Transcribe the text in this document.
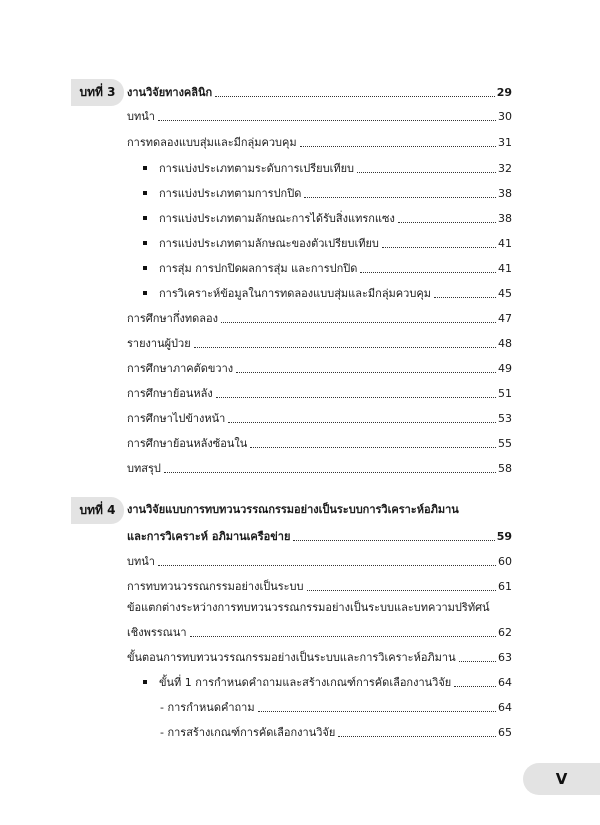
บทที่ 3	งานวิจัยทางคลินิก	29
บทนำ	30
การทดลองแบบสุ่มและมีกลุ่มควบคุม	31
การแบ่งประเภทตามระดับการเปรียบเทียบ	32
การแบ่งประเภทตามการปกปิด	38
การแบ่งประเภทตามลักษณะการได้รับสิ่งแทรกแซง	38
การแบ่งประเภทตามลักษณะของตัวเปรียบเทียบ	41
การสุ่ม การปกปิดผลการสุ่ม และการปกปิด	41
การวิเคราะห์ข้อมูลในการทดลองแบบสุ่มและมีกลุ่มควบคุม	45
การศึกษากึ่งทดลอง	47
รายงานผู้ป่วย	48
การศึกษาภาคตัดขวาง	49
การศึกษาย้อนหลัง	51
การศึกษาไปข้างหน้า	53
การศึกษาย้อนหลังซ้อนใน	55
บทสรุป	58
บทที่ 4	งานวิจัยแบบการทบทวนวรรณกรรมอย่างเป็นระบบการวิเคราะห์อภิมาน
และการวิเคราะห์ อภิมานเครือข่าย	59
บทนำ	60
การทบทวนวรรณกรรมอย่างเป็นระบบ	61
ข้อแตกต่างระหว่างการทบทวนวรรณกรรมอย่างเป็นระบบและบทความปริทัศน์
เชิงพรรณนา	62
ขั้นตอนการทบทวนวรรณกรรมอย่างเป็นระบบและการวิเคราะห์อภิมาน	63
ขั้นที่ 1 การกำหนดคำถามและสร้างเกณฑ์การคัดเลือกงานวิจัย	64
- การกำหนดคำถาม	64
- การสร้างเกณฑ์การคัดเลือกงานวิจัย	65
V
